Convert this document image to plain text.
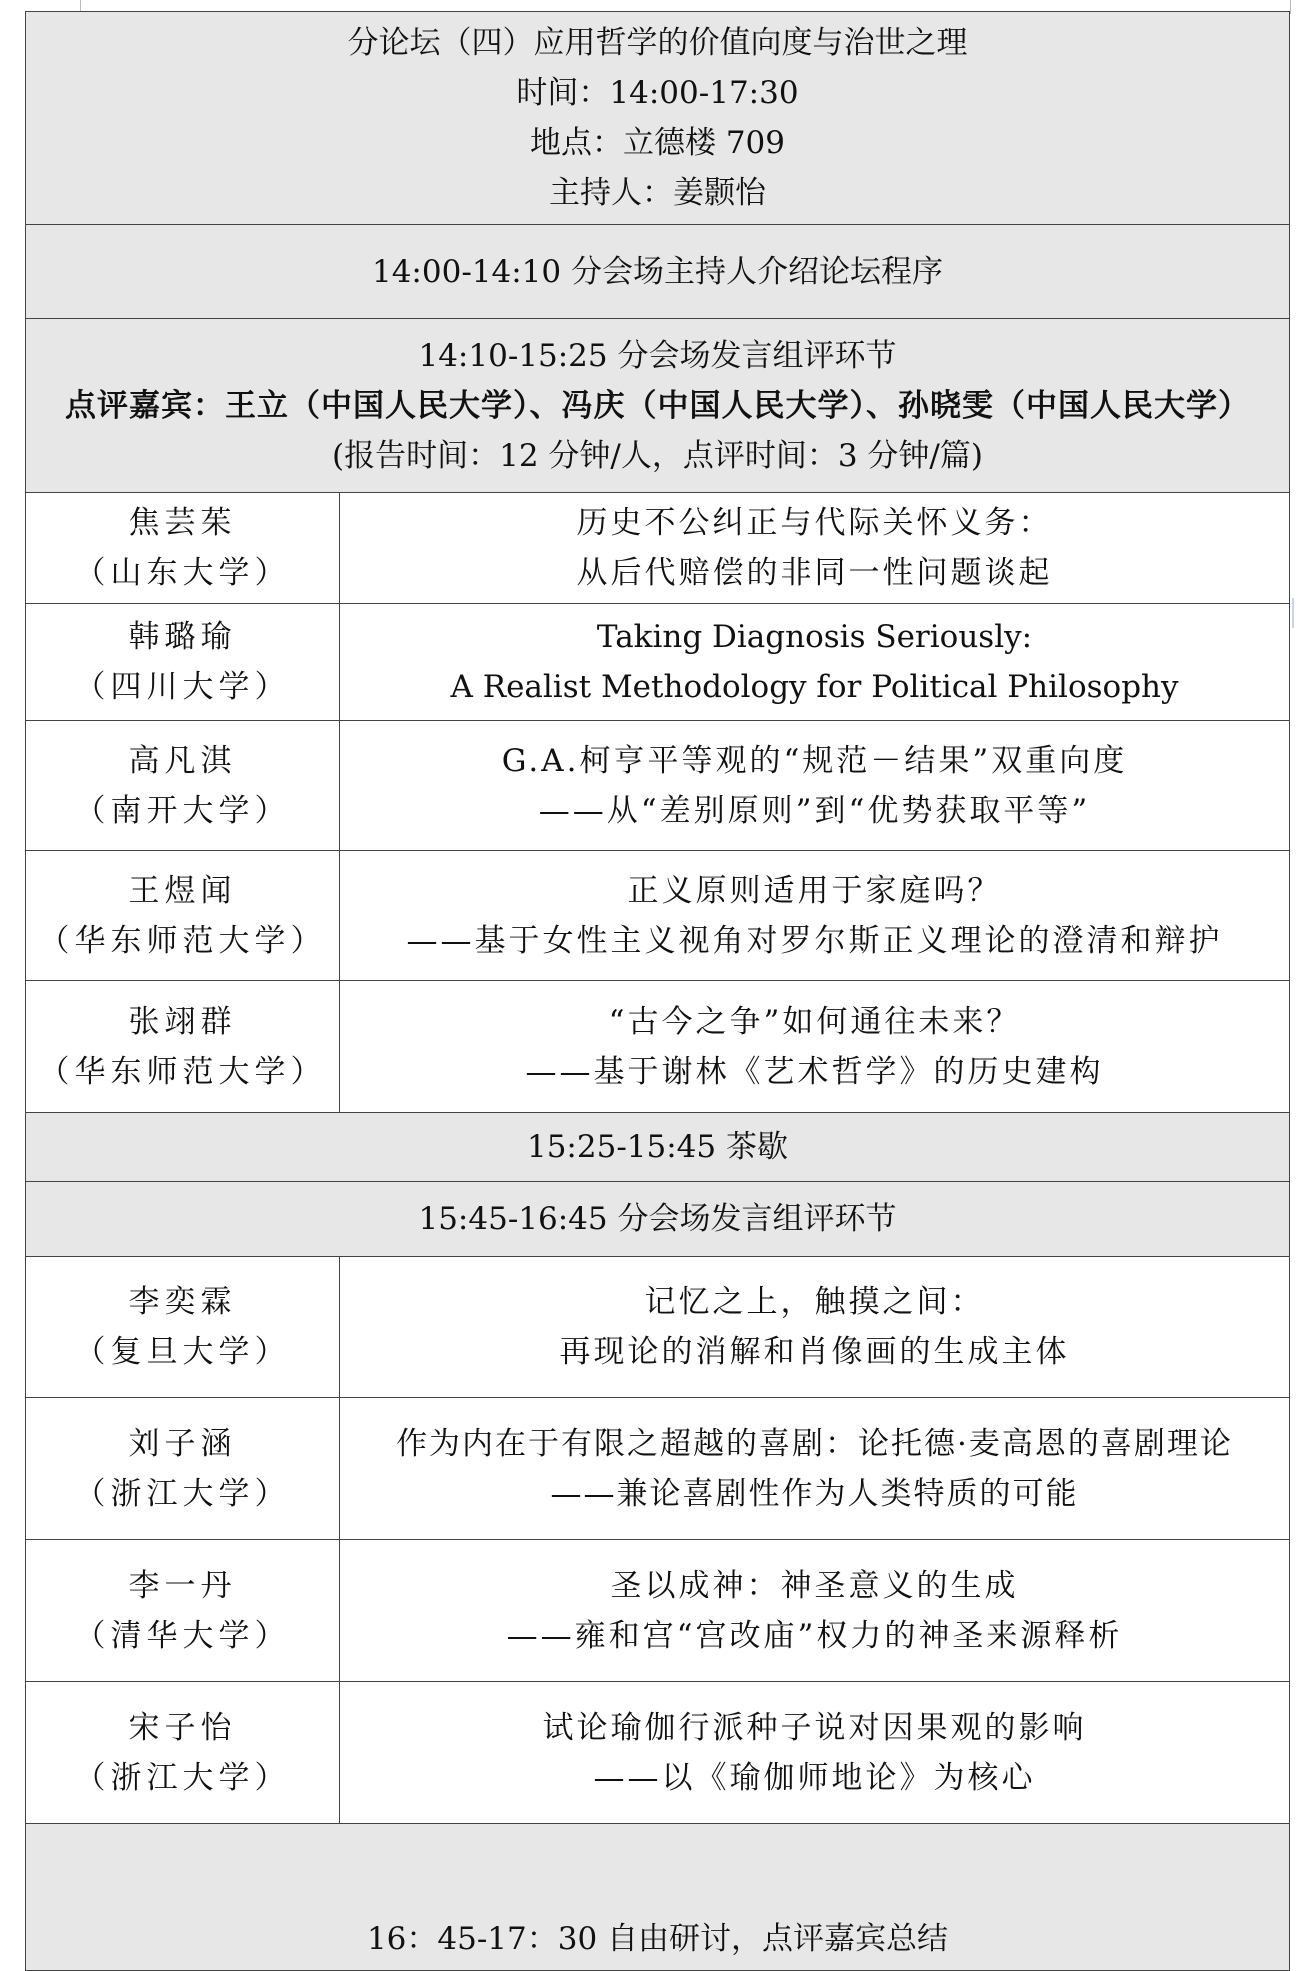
分论坛（四）应用哲学的价值向度与治世之理
时间：14:00-17:30
地点：立德楼 709
主持人：姜颢怡	

14:00-14:10 分会场主持人介绍论坛程序	

14:10-15:25 分会场发言组评环节
点评嘉宾：王立（中国人民大学）、冯庆（中国人民大学）、孙晓雯（中国人民大学）
(报告时间：12 分钟/人，点评时间：3 分钟/篇)	

焦芸茱
（山东大学）	历史不公纠正与代际关怀义务：
从后代赔偿的非同一性问题谈起

韩璐瑜
（四川大学）	Taking Diagnosis Seriously:
A Realist Methodology for Political Philosophy

高凡淇
（南开大学）	G.A.柯亨平等观的“规范－结果”双重向度
——从“差别原则”到“优势获取平等”

王煜闻
（华东师范大学）	正义原则适用于家庭吗？
——基于女性主义视角对罗尔斯正义理论的澄清和辩护

张翊群
（华东师范大学）	“古今之争”如何通往未来？
——基于谢林《艺术哲学》的历史建构

15:25-15:45 茶歇	

15:45-16:45 分会场发言组评环节	

李奕霖
（复旦大学）	记忆之上，触摸之间：
再现论的消解和肖像画的生成主体

刘子涵
（浙江大学）	作为内在于有限之超越的喜剧：论托德·麦高恩的喜剧理论
——兼论喜剧性作为人类特质的可能

李一丹
（清华大学）	圣以成神：神圣意义的生成
——雍和宫“宫改庙”权力的神圣来源释析

宋子怡
（浙江大学）	试论瑜伽行派种子说对因果观的影响
——以《瑜伽师地论》为核心

16：45-17：30 自由研讨，点评嘉宾总结	
